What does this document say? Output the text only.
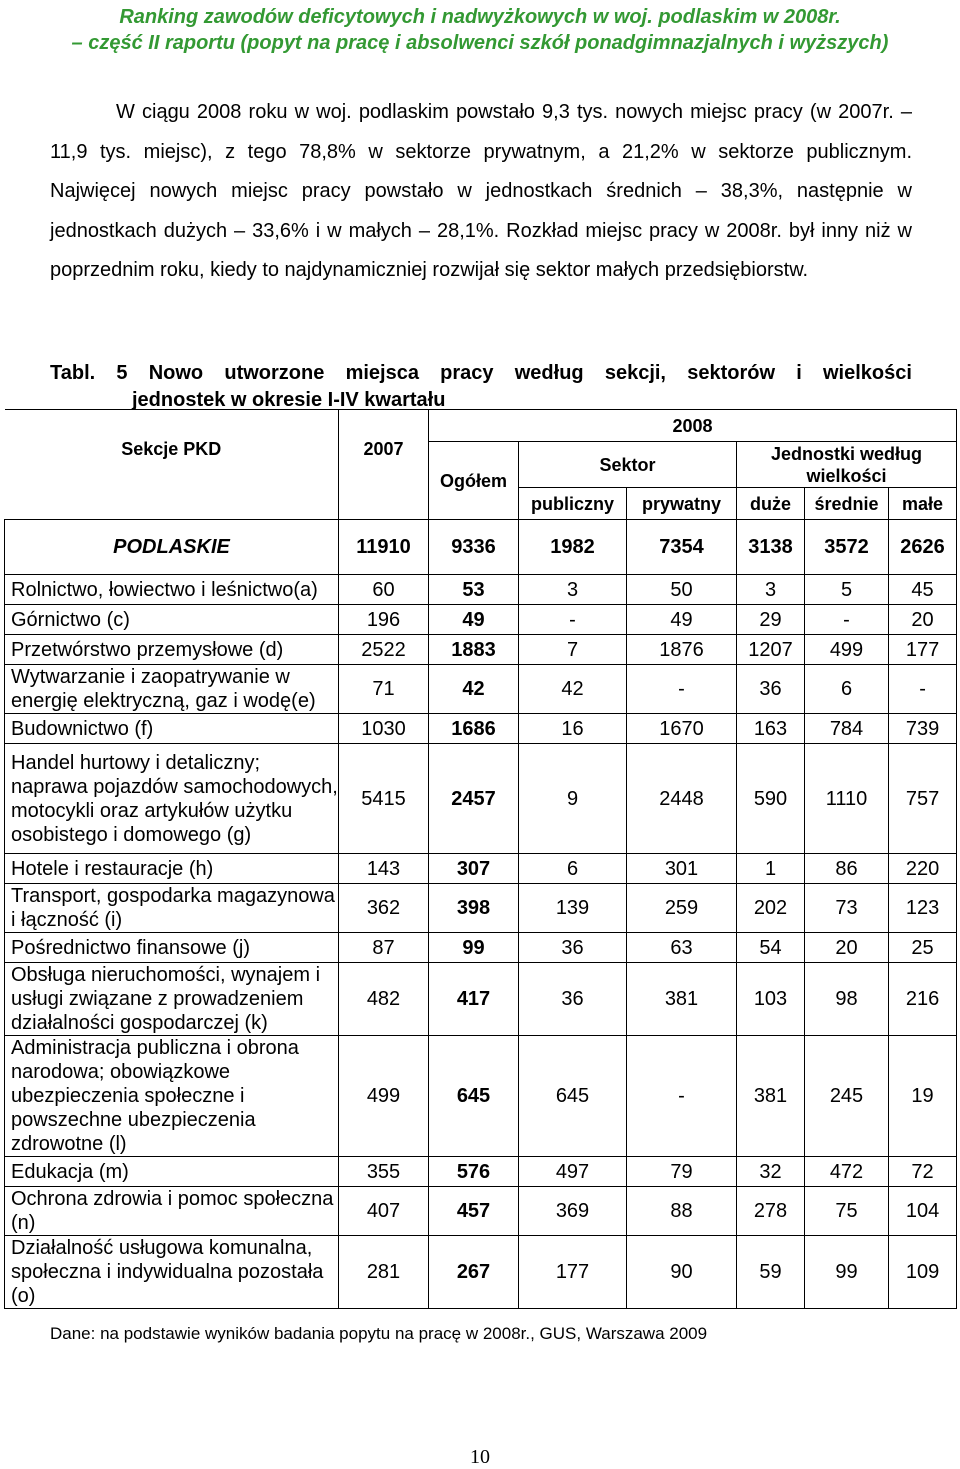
Ranking zawodów deficytowych i nadwyżkowych w woj. podlaskim w 2008r.
– część II raportu (popyt na pracę i absolwenci szkół ponadgimnazjalnych i wyższych)

W ciągu 2008 roku w woj. podlaskim powstało 9,3 tys. nowych miejsc pracy (w 2007r. – 11,9 tys. miejsc), z tego 78,8% w sektorze prywatnym, a 21,2% w sektorze publicznym. Najwięcej nowych miejsc pracy powstało w jednostkach średnich – 38,3%, następnie w jednostkach dużych – 33,6% i w małych – 28,1%. Rozkład miejsc pracy w 2008r. był inny niż w poprzednim roku, kiedy to najdynamiczniej rozwijał się sektor małych przedsiębiorstw.

Tabl. 5 Nowo utworzone miejsca pracy według sekcji, sektorów i wielkości
jednostek w okresie I-IV kwartału
Sekcje PKD	2007	2008					
		Ogółem	Sektor		Jednostki według wielkości		
			publiczny	prywatny	duże	średnie	małe
PODLASKIE	11910	9336	1982	7354	3138	3572	2626
Rolnictwo, łowiectwo i leśnictwo(a)	60	53	3	50	3	5	45
Górnictwo (c)	196	49	-	49	29	-	20
Przetwórstwo przemysłowe (d)	2522	1883	7	1876	1207	499	177
Wytwarzanie i zaopatrywanie w energię elektryczną, gaz i wodę(e)	71	42	42	-	36	6	-
Budownictwo (f)	1030	1686	16	1670	163	784	739
Handel hurtowy i detaliczny; naprawa pojazdów samochodowych, motocykli oraz artykułów użytku osobistego i domowego (g)	5415	2457	9	2448	590	1110	757
Hotele i restauracje (h)	143	307	6	301	1	86	220
Transport, gospodarka magazynowa i łączność (i)	362	398	139	259	202	73	123
Pośrednictwo finansowe (j)	87	99	36	63	54	20	25
Obsługa nieruchomości, wynajem i usługi związane z prowadzeniem działalności gospodarczej (k)	482	417	36	381	103	98	216
Administracja publiczna i obrona narodowa; obowiązkowe ubezpieczenia społeczne i powszechne ubezpieczenia zdrowotne (l)	499	645	645	-	381	245	19
Edukacja (m)	355	576	497	79	32	472	72
Ochrona zdrowia i pomoc społeczna (n)	407	457	369	88	278	75	104
Działalność usługowa komunalna, społeczna i indywidualna pozostała (o)	281	267	177	90	59	99	109
Dane: na podstawie wyników badania popytu na pracę w 2008r., GUS, Warszawa 2009
10
